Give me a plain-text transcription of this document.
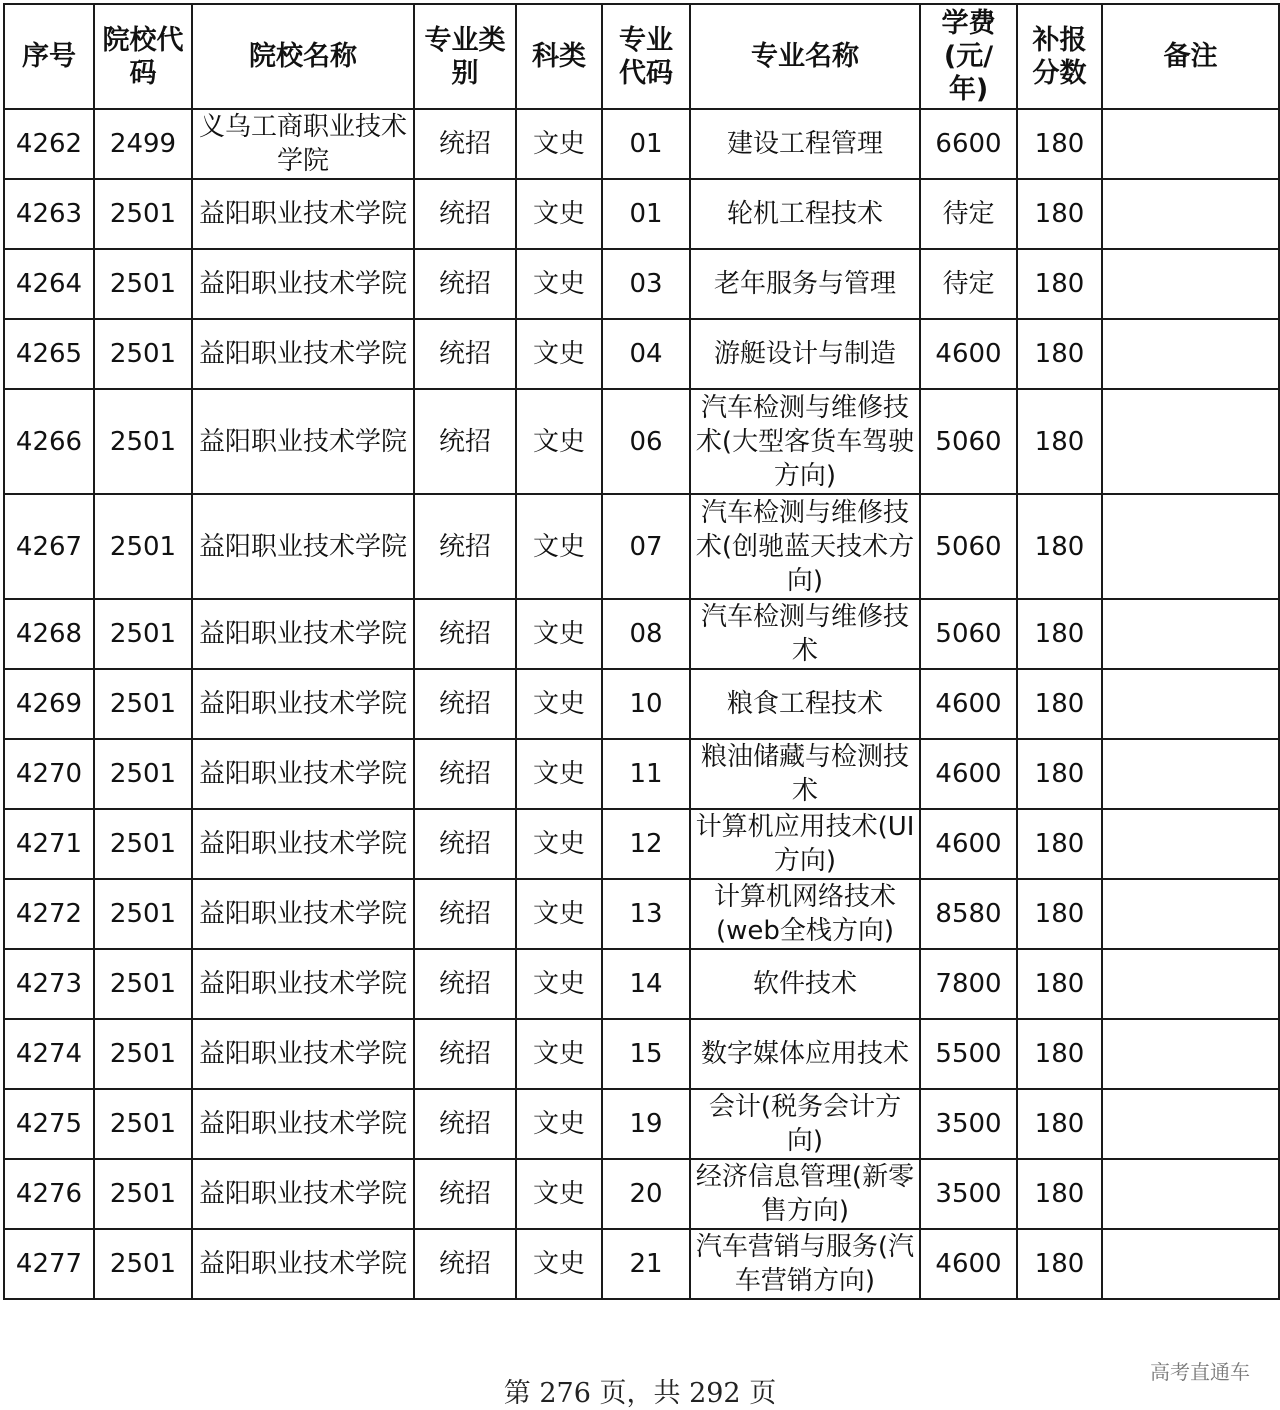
序号	院校代码	院校名称	专业类别	科类	专业代码	专业名称	学费(元/年)	补报分数	备注
4262	2499	义乌工商职业技术学院	统招	文史	01	建设工程管理	6600	180	
4263	2501	益阳职业技术学院	统招	文史	01	轮机工程技术	待定	180	
4264	2501	益阳职业技术学院	统招	文史	03	老年服务与管理	待定	180	
4265	2501	益阳职业技术学院	统招	文史	04	游艇设计与制造	4600	180	
4266	2501	益阳职业技术学院	统招	文史	06	汽车检测与维修技术(大型客货车驾驶方向)	5060	180	
4267	2501	益阳职业技术学院	统招	文史	07	汽车检测与维修技术(创驰蓝天技术方向)	5060	180	
4268	2501	益阳职业技术学院	统招	文史	08	汽车检测与维修技术	5060	180	
4269	2501	益阳职业技术学院	统招	文史	10	粮食工程技术	4600	180	
4270	2501	益阳职业技术学院	统招	文史	11	粮油储藏与检测技术	4600	180	
4271	2501	益阳职业技术学院	统招	文史	12	计算机应用技术(UI方向)	4600	180	
4272	2501	益阳职业技术学院	统招	文史	13	计算机网络技术(web全栈方向)	8580	180	
4273	2501	益阳职业技术学院	统招	文史	14	软件技术	7800	180	
4274	2501	益阳职业技术学院	统招	文史	15	数字媒体应用技术	5500	180	
4275	2501	益阳职业技术学院	统招	文史	19	会计(税务会计方向)	3500	180	
4276	2501	益阳职业技术学院	统招	文史	20	经济信息管理(新零售方向)	3500	180	
4277	2501	益阳职业技术学院	统招	文史	21	汽车营销与服务(汽车营销方向)	4600	180	
第 276 页，共 292 页
高考直通车
